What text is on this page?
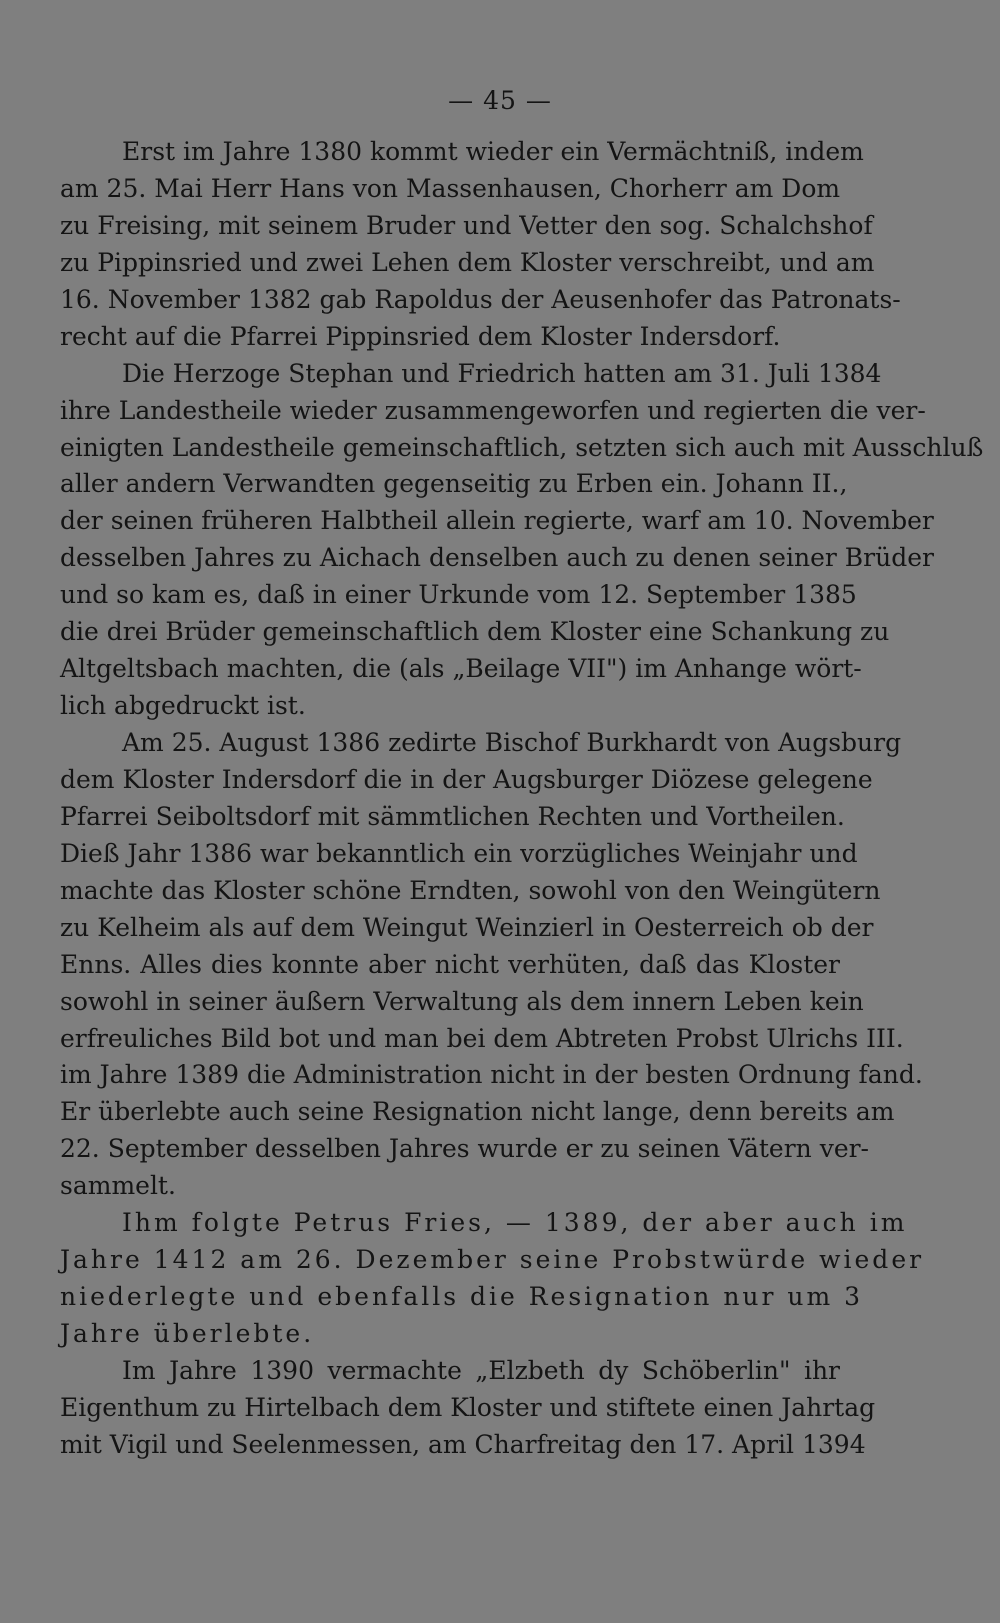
— 45 —
Erst im Jahre 1380 kommt wieder ein Vermächtniß, indem
am 25. Mai Herr Hans von Massenhausen, Chorherr am Dom
zu Freising, mit seinem Bruder und Vetter den sog. Schalchshof
zu Pippinsried und zwei Lehen dem Kloster verschreibt, und am
16. November 1382 gab Rapoldus der Aeusenhofer das Patronats-
recht auf die Pfarrei Pippinsried dem Kloster Indersdorf.
Die Herzoge Stephan und Friedrich hatten am 31. Juli 1384
ihre Landestheile wieder zusammengeworfen und regierten die ver-
einigten Landestheile gemeinschaftlich, setzten sich auch mit Ausschluß
aller andern Verwandten gegenseitig zu Erben ein. Johann II.,
der seinen früheren Halbtheil allein regierte, warf am 10. November
desselben Jahres zu Aichach denselben auch zu denen seiner Brüder
und so kam es, daß in einer Urkunde vom 12. September 1385
die drei Brüder gemeinschaftlich dem Kloster eine Schankung zu
Altgeltsbach machten, die (als „Beilage VII") im Anhange wört-
lich abgedruckt ist.
Am 25. August 1386 zedirte Bischof Burkhardt von Augsburg
dem Kloster Indersdorf die in der Augsburger Diözese gelegene
Pfarrei Seiboltsdorf mit sämmtlichen Rechten und Vortheilen.
Dieß Jahr 1386 war bekanntlich ein vorzügliches Weinjahr und
machte das Kloster schöne Erndten, sowohl von den Weingütern
zu Kelheim als auf dem Weingut Weinzierl in Oesterreich ob der
Enns. Alles dies konnte aber nicht verhüten, daß das Kloster
sowohl in seiner äußern Verwaltung als dem innern Leben kein
erfreuliches Bild bot und man bei dem Abtreten Probst Ulrichs III.
im Jahre 1389 die Administration nicht in der besten Ordnung fand.
Er überlebte auch seine Resignation nicht lange, denn bereits am
22. September desselben Jahres wurde er zu seinen Vätern ver-
sammelt.
Ihm folgte Petrus Fries, — 1389, der aber auch im
Jahre 1412 am 26. Dezember seine Probstwürde wieder
niederlegte und ebenfalls die Resignation nur um 3
Jahre überlebte.
Im Jahre 1390 vermachte „Elzbeth dy Schöberlin" ihr
Eigenthum zu Hirtelbach dem Kloster und stiftete einen Jahrtag
mit Vigil und Seelenmessen, am Charfreitag den 17. April 1394
